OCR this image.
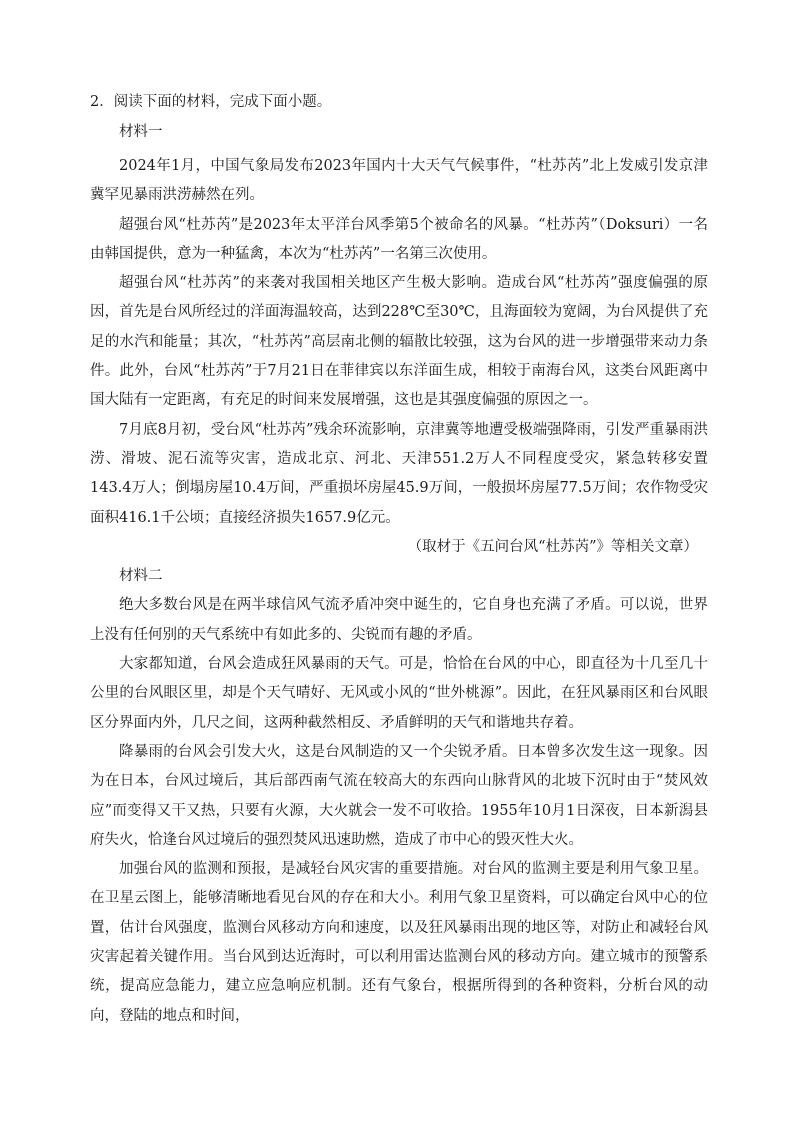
2．阅读下面的材料，完成下面小题。

材料一

2024年1月，中国气象局发布2023年国内十大天气气候事件，“杜苏芮”北上发威引发京津冀罕见暴雨洪涝赫然在列。

超强台风“杜苏芮”是2023年太平洋台风季第5个被命名的风暴。“杜苏芮”（Doksuri）一名由韩国提供，意为一种猛禽，本次为“杜苏芮”一名第三次使用。

超强台风“杜苏芮”的来袭对我国相关地区产生极大影响。造成台风“杜苏芮”强度偏强的原因，首先是台风所经过的洋面海温较高，达到228℃至30℃，且海面较为宽阔，为台风提供了充足的水汽和能量；其次，“杜苏芮”高层南北侧的辐散比较强，这为台风的进一步增强带来动力条件。此外，台风“杜苏芮”于7月21日在菲律宾以东洋面生成，相较于南海台风，这类台风距离中国大陆有一定距离，有充足的时间来发展增强，这也是其强度偏强的原因之一。

7月底8月初，受台风“杜苏芮”残余环流影响，京津冀等地遭受极端强降雨，引发严重暴雨洪涝、滑坡、泥石流等灾害，造成北京、河北、天津551.2万人不同程度受灾，紧急转移安置143.4万人；倒塌房屋10.4万间，严重损坏房屋45.9万间，一般损坏房屋77.5万间；农作物受灾面积416.1千公顷；直接经济损失1657.9亿元。

（取材于《五问台风“杜苏芮”》等相关文章）

材料二

绝大多数台风是在两半球信风气流矛盾冲突中诞生的，它自身也充满了矛盾。可以说，世界上没有任何别的天气系统中有如此多的、尖锐而有趣的矛盾。

大家都知道，台风会造成狂风暴雨的天气。可是，恰恰在台风的中心，即直径为十几至几十公里的台风眼区里，却是个天气晴好、无风或小风的“世外桃源”。因此，在狂风暴雨区和台风眼区分界面内外，几尺之间，这两种截然相反、矛盾鲜明的天气和谐地共存着。

降暴雨的台风会引发大火，这是台风制造的又一个尖锐矛盾。日本曾多次发生这一现象。因为在日本，台风过境后，其后部西南气流在较高大的东西向山脉背风的北坡下沉时由于“焚风效应”而变得又干又热，只要有火源，大火就会一发不可收拾。1955年10月1日深夜，日本新潟县府失火，恰逢台风过境后的强烈焚风迅速助燃，造成了市中心的毁灭性大火。

加强台风的监测和预报，是减轻台风灾害的重要措施。对台风的监测主要是利用气象卫星。在卫星云图上，能够清晰地看见台风的存在和大小。利用气象卫星资料，可以确定台风中心的位置，估计台风强度，监测台风移动方向和速度，以及狂风暴雨出现的地区等，对防止和减轻台风灾害起着关键作用。当台风到达近海时，可以利用雷达监测台风的移动方向。建立城市的预警系统，提高应急能力，建立应急响应机制。还有气象台，根据所得到的各种资料，分析台风的动向，登陆的地点和时间，
